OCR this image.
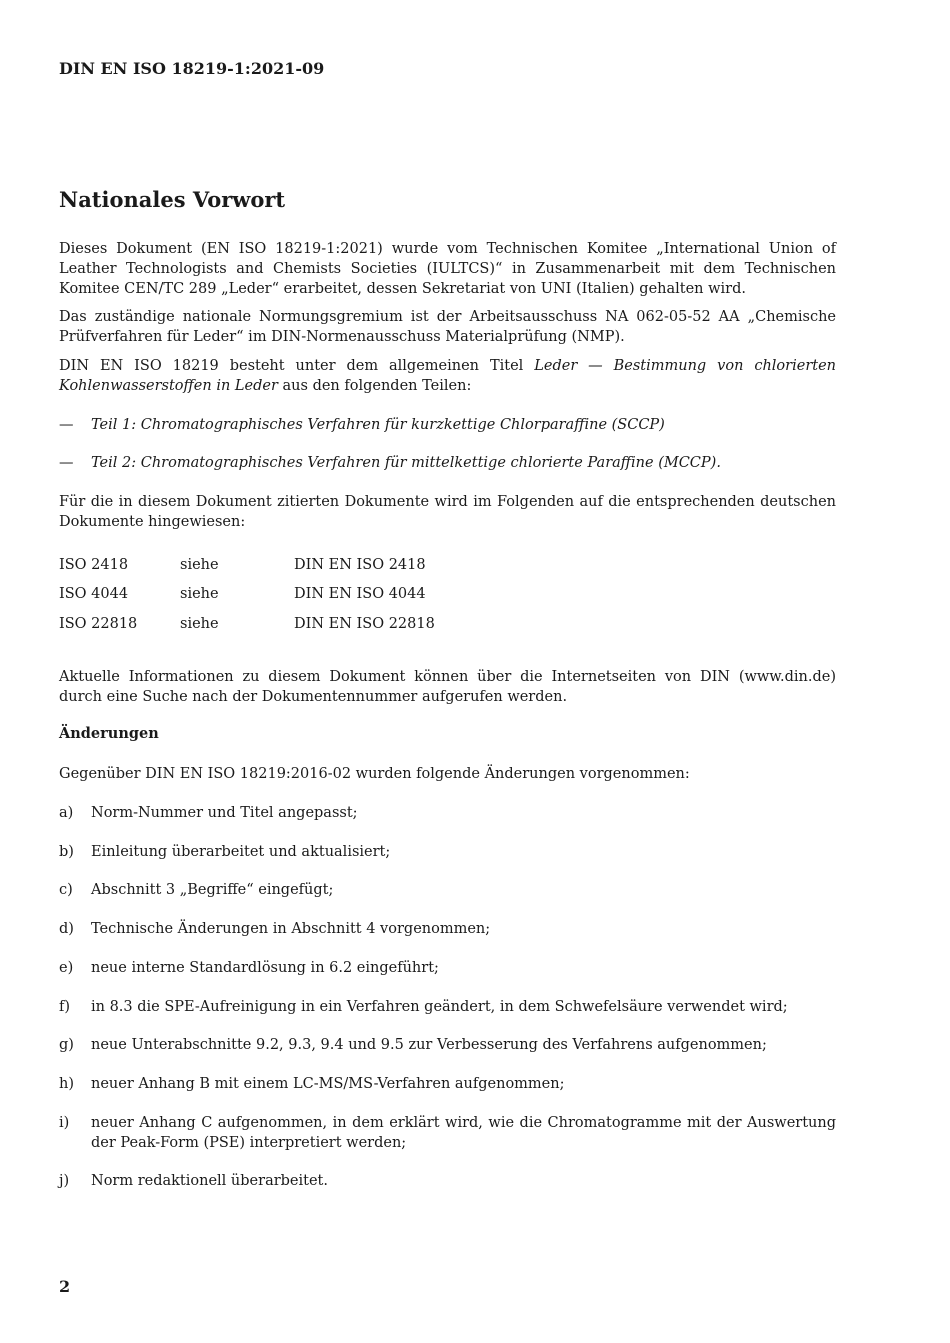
DIN EN ISO 18219-1:2021-09
Nationales Vorwort

Dieses Dokument (EN ISO 18219-1:2021) wurde vom Technischen Komitee „International Union of Leather Technologists and Chemists Societies (IULTCS)“ in Zusammenarbeit mit dem Technischen Komitee CEN/TC 289 „Leder“ erarbeitet, dessen Sekretariat von UNI (Italien) gehalten wird.

Das zuständige nationale Normungsgremium ist der Arbeitsausschuss NA 062-05-52 AA „Chemische Prüfverfahren für Leder“ im DIN-Normenausschuss Materialprüfung (NMP).

DIN EN ISO 18219 besteht unter dem allgemeinen Titel Leder — Bestimmung von chlorierten Kohlenwasserstoffen in Leder aus den folgenden Teilen:

— Teil 1: Chromatographisches Verfahren für kurzkettige Chlorparaffine (SCCP)
— Teil 2: Chromatographisches Verfahren für mittelkettige chlorierte Paraffine (MCCP).

Für die in diesem Dokument zitierten Dokumente wird im Folgenden auf die entsprechenden deutschen Dokumente hingewiesen:

ISO 2418	siehe	DIN EN ISO 2418
ISO 4044	siehe	DIN EN ISO 4044
ISO 22818	siehe	DIN EN ISO 22818

Aktuelle Informationen zu diesem Dokument können über die Internetseiten von DIN (www.din.de) durch eine Suche nach der Dokumentennummer aufgerufen werden.

Änderungen

Gegenüber DIN EN ISO 18219:2016-02 wurden folgende Änderungen vorgenommen:

a) Norm-Nummer und Titel angepasst;
b) Einleitung überarbeitet und aktualisiert;
c) Abschnitt 3 „Begriffe“ eingefügt;
d) Technische Änderungen in Abschnitt 4 vorgenommen;
e) neue interne Standardlösung in 6.2 eingeführt;
f) in 8.3 die SPE-Aufreinigung in ein Verfahren geändert, in dem Schwefelsäure verwendet wird;
g) neue Unterabschnitte 9.2, 9.3, 9.4 und 9.5 zur Verbesserung des Verfahrens aufgenommen;
h) neuer Anhang B mit einem LC-MS/MS-Verfahren aufgenommen;
i) neuer Anhang C aufgenommen, in dem erklärt wird, wie die Chromatogramme mit der Auswertung der Peak-Form (PSE) interpretiert werden;
j) Norm redaktionell überarbeitet.
2
